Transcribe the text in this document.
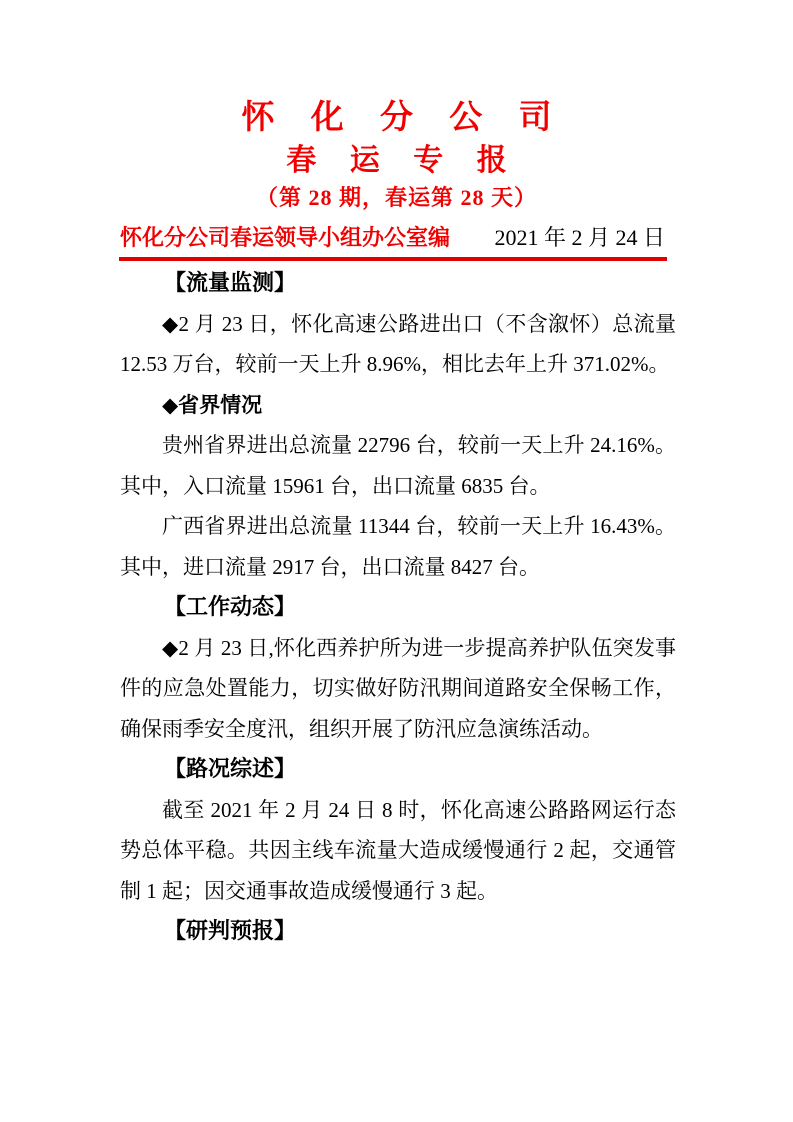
怀 化 分 公 司
春 运 专 报
（第 28 期，春运第 28 天）
怀化分公司春运领导小组办公室编 2021 年 2 月 24 日

【流量监测】

◆2 月 23 日，怀化高速公路进出口（不含溆怀）总流量 12.53 万台，较前一天上升 8.96%，相比去年上升 371.02%。

◆省界情况

贵州省界进出总流量 22796 台，较前一天上升 24.16%。其中，入口流量 15961 台，出口流量 6835 台。

广西省界进出总流量 11344 台，较前一天上升 16.43%。其中，进口流量 2917 台，出口流量 8427 台。

【工作动态】

◆2 月 23 日,怀化西养护所为进一步提高养护队伍突发事件的应急处置能力，切实做好防汛期间道路安全保畅工作，确保雨季安全度汛，组织开展了防汛应急演练活动。

【路况综述】

截至 2021 年 2 月 24 日 8 时，怀化高速公路路网运行态势总体平稳。共因主线车流量大造成缓慢通行 2 起，交通管制 1 起；因交通事故造成缓慢通行 3 起。

【研判预报】
